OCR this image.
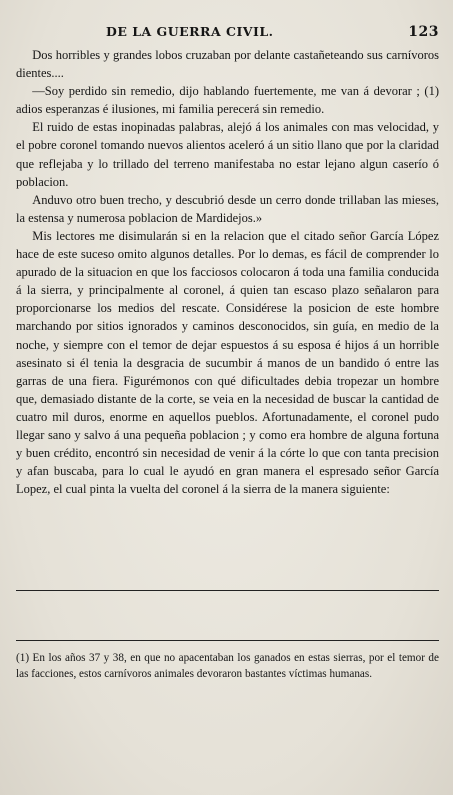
DE LA GUERRA CIVIL.	123

Dos horribles y grandes lobos cruzaban por delante castañeteando sus carnívoros dientes....

—Soy perdido sin remedio, dijo hablando fuertemente, me van á devorar ; (1) adios esperanzas é ilusiones, mi familia perecerá sin remedio.

El ruido de estas inopinadas palabras, alejó á los animales con mas velocidad, y el pobre coronel tomando nuevos alientos aceleró á un sitio llano que por la claridad que reflejaba y lo trillado del terreno manifestaba no estar lejano algun caserío ó poblacion.

Anduvo otro buen trecho, y descubrió desde un cerro donde trillaban las mieses, la estensa y numerosa poblacion de Mardidejos.»

Mis lectores me disimularán si en la relacion que el citado señor García López hace de este suceso omito algunos detalles. Por lo demas, es fácil de comprender lo apurado de la situacion en que los facciosos colocaron á toda una familia conducida á la sierra, y principalmente al coronel, á quien tan escaso plazo señalaron para proporcionarse los medios del rescate. Considérese la posicion de este hombre marchando por sitios ignorados y caminos desconocidos, sin guía, en medio de la noche, y siempre con el temor de dejar espuestos á su esposa é hijos á un horrible asesinato si él tenia la desgracia de sucumbir á manos de un bandido ó entre las garras de una fiera. Figurémonos con qué dificultades debia tropezar un hombre que, demasiado distante de la corte, se veia en la necesidad de buscar la cantidad de cuatro mil duros, enorme en aquellos pueblos. Afortunadamente, el coronel pudo llegar sano y salvo á una pequeña poblacion ; y como era hombre de alguna fortuna y buen crédito, encontró sin necesidad de venir á la córte lo que con tanta precision y afan buscaba, para lo cual le ayudó en gran manera el espresado señor García Lopez, el cual pinta la vuelta del coronel á la sierra de la manera siguiente:

(1) En los años 37 y 38, en que no apacentaban los ganados en estas sierras, por el temor de las facciones, estos carnívoros animales devoraron bastantes víctimas humanas.
